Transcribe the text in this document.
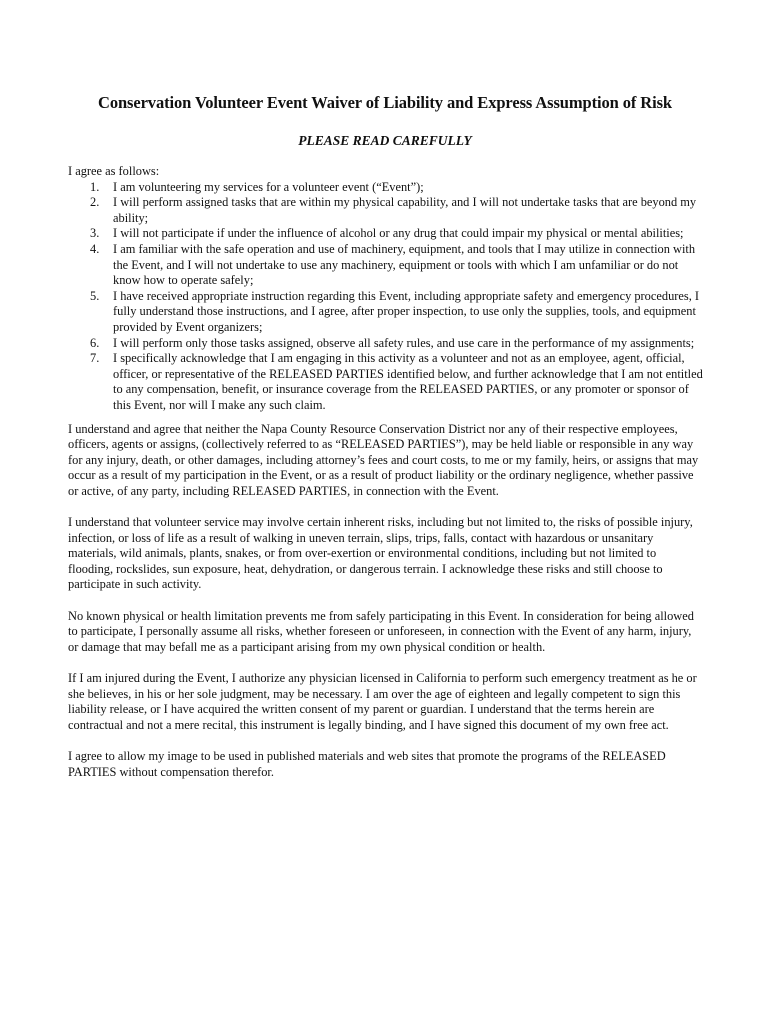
Conservation Volunteer Event Waiver of Liability and Express Assumption of Risk
PLEASE READ CAREFULLY

I agree as follows:

1.	I am volunteering my services for a volunteer event (“Event”);
2.	I will perform assigned tasks that are within my physical capability, and I will not undertake tasks that are beyond my ability;
3.	I will not participate if under the influence of alcohol or any drug that could impair my physical or mental abilities;
4.	I am familiar with the safe operation and use of machinery, equipment, and tools that I may utilize in connection with the Event, and I will not undertake to use any machinery, equipment or tools with which I am unfamiliar or do not know how to operate safely;
5.	I have received appropriate instruction regarding this Event, including appropriate safety and emergency procedures, I fully understand those instructions, and I agree, after proper inspection, to use only the supplies, tools, and equipment provided by Event organizers;
6.	I will perform only those tasks assigned, observe all safety rules, and use care in the performance of my assignments;
7.	I specifically acknowledge that I am engaging in this activity as a volunteer and not as an employee, agent, official, officer, or representative of the RELEASED PARTIES identified below, and further acknowledge that I am not entitled to any compensation, benefit, or insurance coverage from the RELEASED PARTIES, or any promoter or sponsor of this Event, nor will I make any such claim.

I understand and agree that neither the Napa County Resource Conservation District nor any of their respective employees, officers, agents or assigns, (collectively referred to as “RELEASED PARTIES”), may be held liable or responsible in any way for any injury, death, or other damages, including attorney’s fees and court costs, to me or my family, heirs, or assigns that may occur as a result of my participation in the Event, or as a result of product liability or the ordinary negligence, whether passive or active, of any party, including RELEASED PARTIES, in connection with the Event.

I understand that volunteer service may involve certain inherent risks, including but not limited to, the risks of possible injury, infection, or loss of life as a result of walking in uneven terrain, slips, trips, falls, contact with hazardous or unsanitary materials, wild animals, plants, snakes, or from over-exertion or environmental conditions, including but not limited to flooding, rockslides, sun exposure, heat, dehydration, or dangerous terrain. I acknowledge these risks and still choose to participate in such activity.

No known physical or health limitation prevents me from safely participating in this Event. In consideration for being allowed to participate, I personally assume all risks, whether foreseen or unforeseen, in connection with the Event of any harm, injury, or damage that may befall me as a participant arising from my own physical condition or health.

If I am injured during the Event, I authorize any physician licensed in California to perform such emergency treatment as he or she believes, in his or her sole judgment, may be necessary. I am over the age of eighteen and legally competent to sign this liability release, or I have acquired the written consent of my parent or guardian. I understand that the terms herein are contractual and not a mere recital, this instrument is legally binding, and I have signed this document of my own free act.

I agree to allow my image to be used in published materials and web sites that promote the programs of the RELEASED PARTIES without compensation therefor.
